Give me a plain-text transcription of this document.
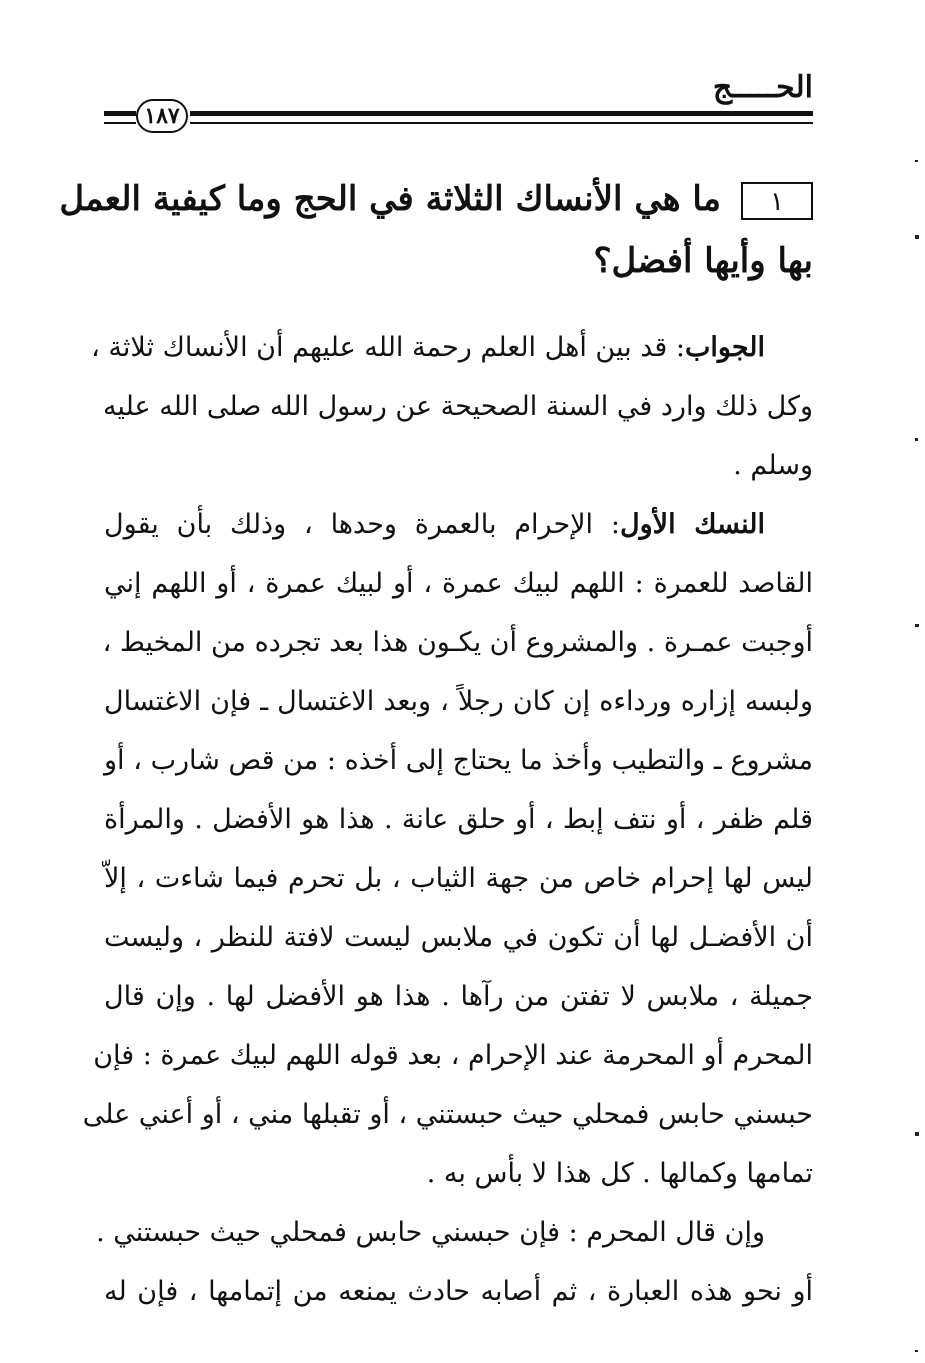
الحـــــج
١٨٧
١ما هي الأنساك الثلاثة في الحج وما كيفية العمل
بها وأيها أفضل؟
الجواب: قد بين أهل العلم رحمة الله عليهم أن الأنساك ثلاثة ،
وكل ذلك وارد في السنة الصحيحة عن رسول الله صلى الله عليه
وسلم .
النسك الأول: الإحرام بالعمرة وحدها ، وذلك بأن يقول
القاصد للعمرة : اللهم لبيك عمرة ، أو لبيك عمرة ، أو اللهم إني
أوجبت عمـرة . والمشروع أن يكـون هذا بعد تجرده من المخيط ،
ولبسه إزاره ورداءه إن كان رجلاً ، وبعد الاغتسال ـ فإن الاغتسال
مشروع ـ والتطيب وأخذ ما يحتاج إلى أخذه : من قص شارب ، أو
قلم ظفر ، أو نتف إبط ، أو حلق عانة . هذا هو الأفضل . والمرأة
ليس لها إحرام خاص من جهة الثياب ، بل تحرم فيما شاءت ، إلاّ
أن الأفضـل لها أن تكون في ملابس ليست لافتة للنظر ، وليست
جميلة ، ملابس لا تفتن من رآها . هذا هو الأفضل لها . وإن قال
المحرم أو المحرمة عند الإحرام ، بعد قوله اللهم لبيك عمرة : فإن
حبسني حابس فمحلي حيث حبستني ، أو تقبلها مني ، أو أعني على
تمامها وكمالها . كل هذا لا بأس به .
وإن قال المحرم : فإن حبسني حابس فمحلي حيث حبستني .
أو نحو هذه العبارة ، ثم أصابه حادث يمنعه من إتمامها ، فإن له
